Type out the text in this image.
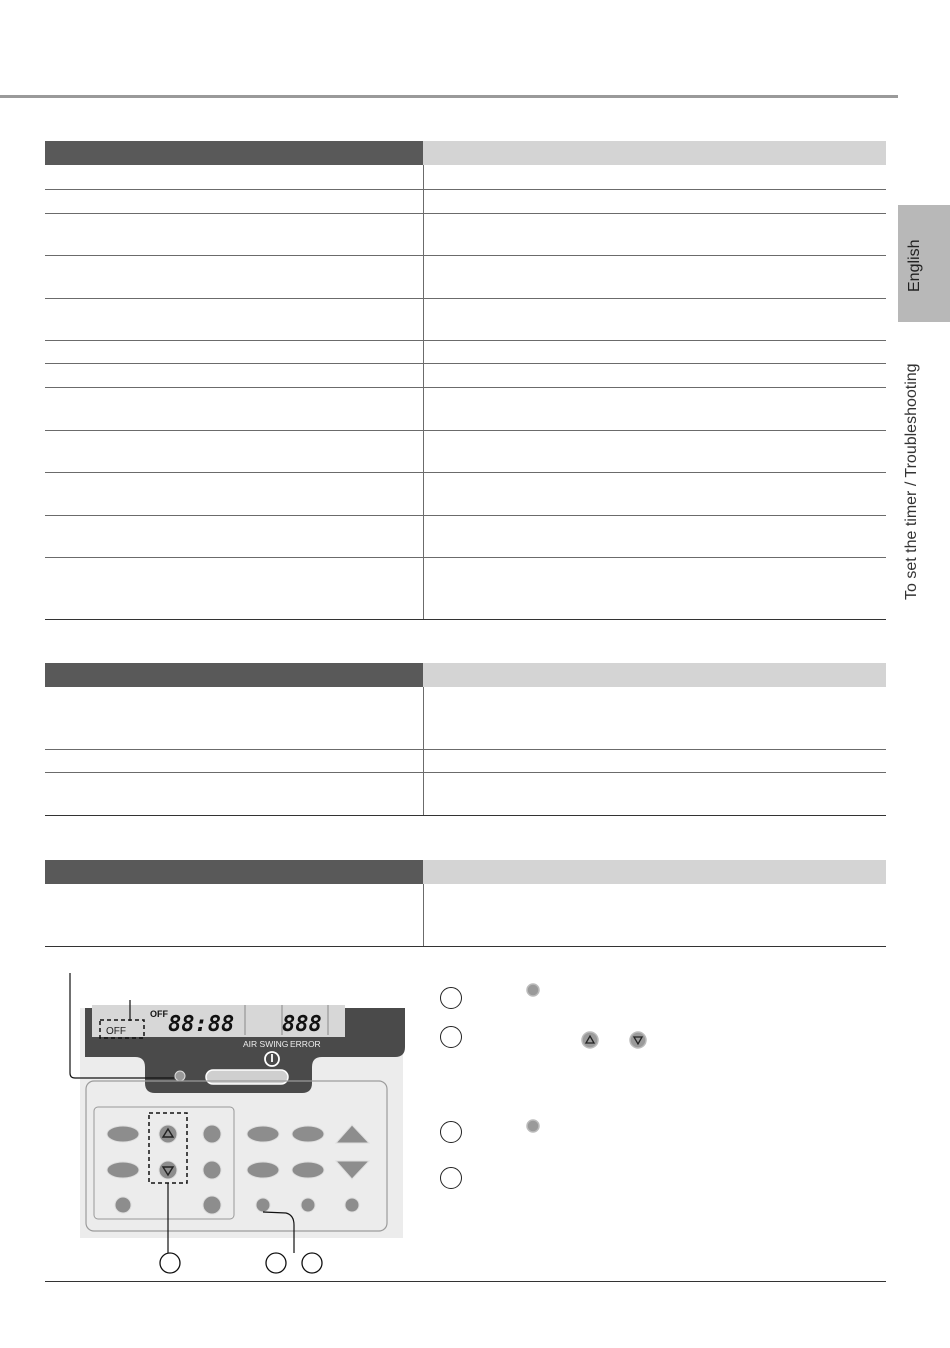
English
To set the timer / Troubleshooting
OFF
OFF 88:88 888
AIR SWING ERROR
